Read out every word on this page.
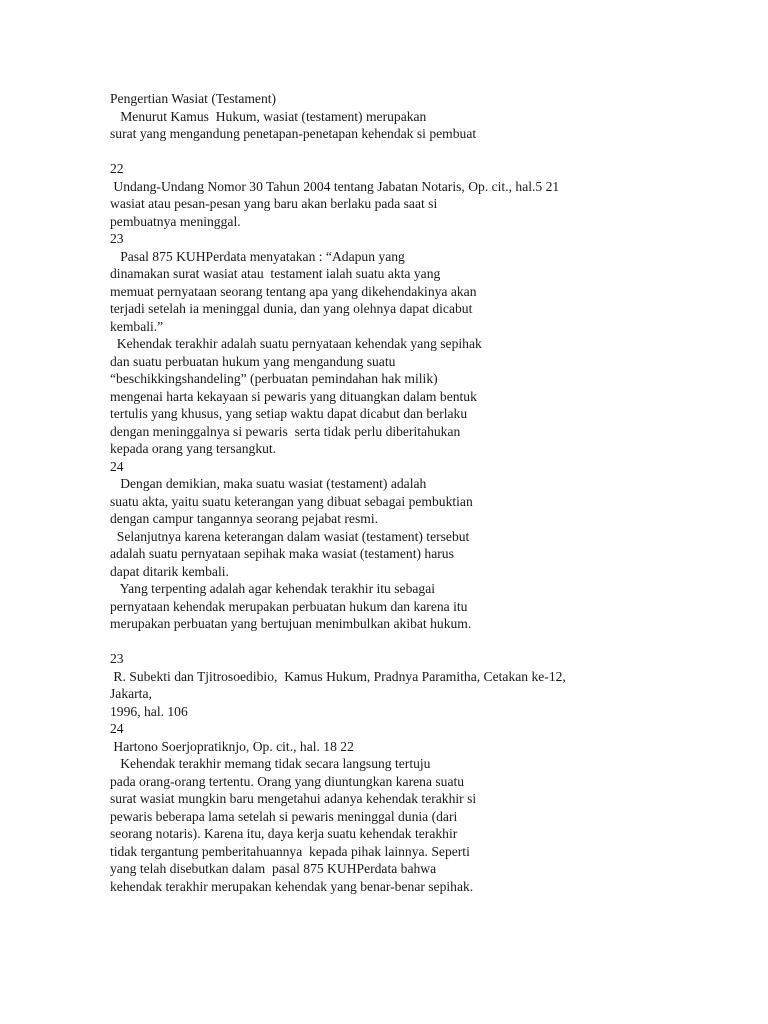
Pengertian Wasiat (Testament)
Menurut Kamus  Hukum, wasiat (testament) merupakan
surat yang mengandung penetapan-penetapan kehendak si pembuat
22
Undang-Undang Nomor 30 Tahun 2004 tentang Jabatan Notaris, Op. cit., hal.5 21
wasiat atau pesan-pesan yang baru akan berlaku pada saat si
pembuatnya meninggal.
23
Pasal 875 KUHPerdata menyatakan : “Adapun yang
dinamakan surat wasiat atau  testament ialah suatu akta yang
memuat pernyataan seorang tentang apa yang dikehendakinya akan
terjadi setelah ia meninggal dunia, dan yang olehnya dapat dicabut
kembali.”
Kehendak terakhir adalah suatu pernyataan kehendak yang sepihak
dan suatu perbuatan hukum yang mengandung suatu
“beschikkingshandeling” (perbuatan pemindahan hak milik)
mengenai harta kekayaan si pewaris yang dituangkan dalam bentuk
tertulis yang khusus, yang setiap waktu dapat dicabut dan berlaku
dengan meninggalnya si pewaris  serta tidak perlu diberitahukan
kepada orang yang tersangkut.
24
Dengan demikian, maka suatu wasiat (testament) adalah
suatu akta, yaitu suatu keterangan yang dibuat sebagai pembuktian
dengan campur tangannya seorang pejabat resmi.
Selanjutnya karena keterangan dalam wasiat (testament) tersebut
adalah suatu pernyataan sepihak maka wasiat (testament) harus
dapat ditarik kembali.
Yang terpenting adalah agar kehendak terakhir itu sebagai
pernyataan kehendak merupakan perbuatan hukum dan karena itu
merupakan perbuatan yang bertujuan menimbulkan akibat hukum.
23
R. Subekti dan Tjitrosoedibio,  Kamus Hukum, Pradnya Paramitha, Cetakan ke-12,
Jakarta,
1996, hal. 106
24
Hartono Soerjopratiknjo, Op. cit., hal. 18 22
Kehendak terakhir memang tidak secara langsung tertuju
pada orang-orang tertentu. Orang yang diuntungkan karena suatu
surat wasiat mungkin baru mengetahui adanya kehendak terakhir si
pewaris beberapa lama setelah si pewaris meninggal dunia (dari
seorang notaris). Karena itu, daya kerja suatu kehendak terakhir
tidak tergantung pemberitahuannya  kepada pihak lainnya. Seperti
yang telah disebutkan dalam  pasal 875 KUHPerdata bahwa
kehendak terakhir merupakan kehendak yang benar-benar sepihak.
